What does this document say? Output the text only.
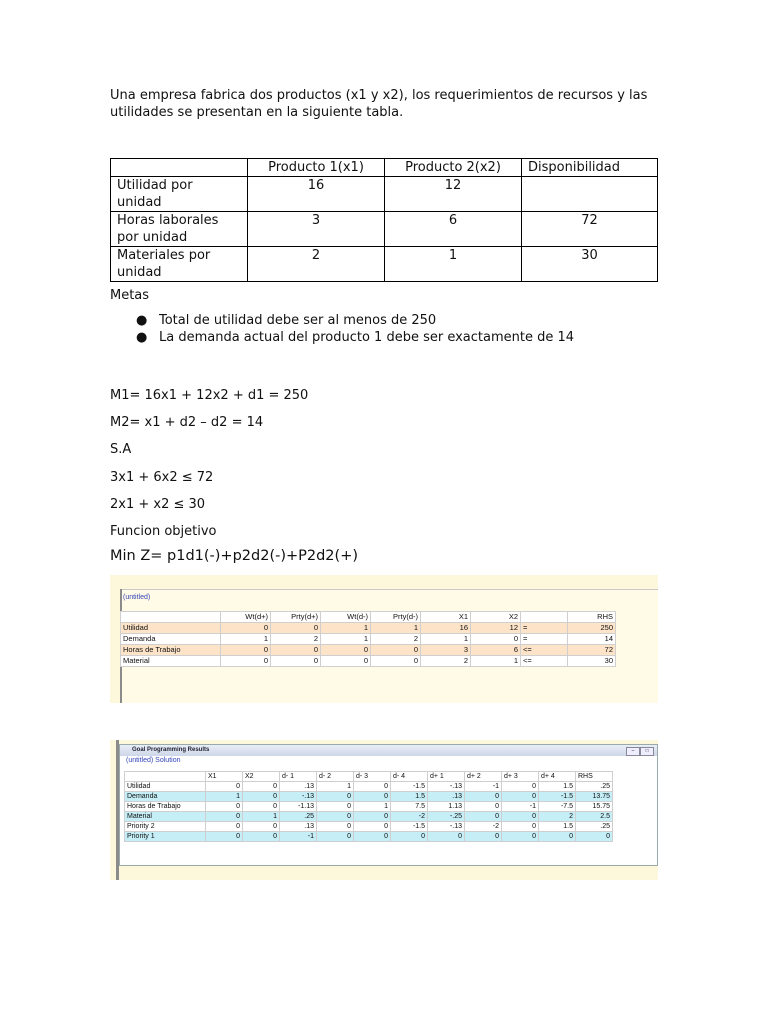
Una empresa fabrica dos productos (x1 y x2), los requerimientos de recursos y las utilidades se presentan en la siguiente tabla.
	Producto 1(x1)	Producto 2(x2)	Disponibilidad
Utilidad por unidad	16	12	
Horas laborales por unidad	3	6	72
Materiales por unidad	2	1	30
Metas
● Total de utilidad debe ser al menos de 250
● La demanda actual del producto 1 debe ser exactamente de 14
M1= 16x1 + 12x2 + d1 = 250
M2= x1 + d2 – d2 = 14
S.A
3x1 + 6x2 ≤ 72
2x1 + x2 ≤ 30
Funcion objetivo
Min Z= p1d1(-)+p2d2(-)+P2d2(+)
(untitled)
	Wt(d+)	Prty(d+)	Wt(d-)	Prty(d-)	X1	X2		RHS
Utilidad	0	0	1	1	16	12	=	250
Demanda	1	2	1	2	1	0	=	14
Horas de Trabajo	0	0	0	0	3	6	<=	72
Material	0	0	0	0	2	1	<=	30
Goal Programming Results	–	□
(untitled) Solution
	X1	X2	d- 1	d- 2	d- 3	d- 4	d+ 1	d+ 2	d+ 3	d+ 4	RHS
Utilidad	0	0	.13	1	0	-1.5	-.13	-1	0	1.5	.25
Demanda	1	0	-.13	0	0	1.5	.13	0	0	-1.5	13.75
Horas de Trabajo	0	0	-1.13	0	1	7.5	1.13	0	-1	-7.5	15.75
Material	0	1	.25	0	0	-2	-.25	0	0	2	2.5
Priority 2	0	0	.13	0	0	-1.5	-.13	-2	0	1.5	.25
Priority 1	0	0	-1	0	0	0	0	0	0	0	0
